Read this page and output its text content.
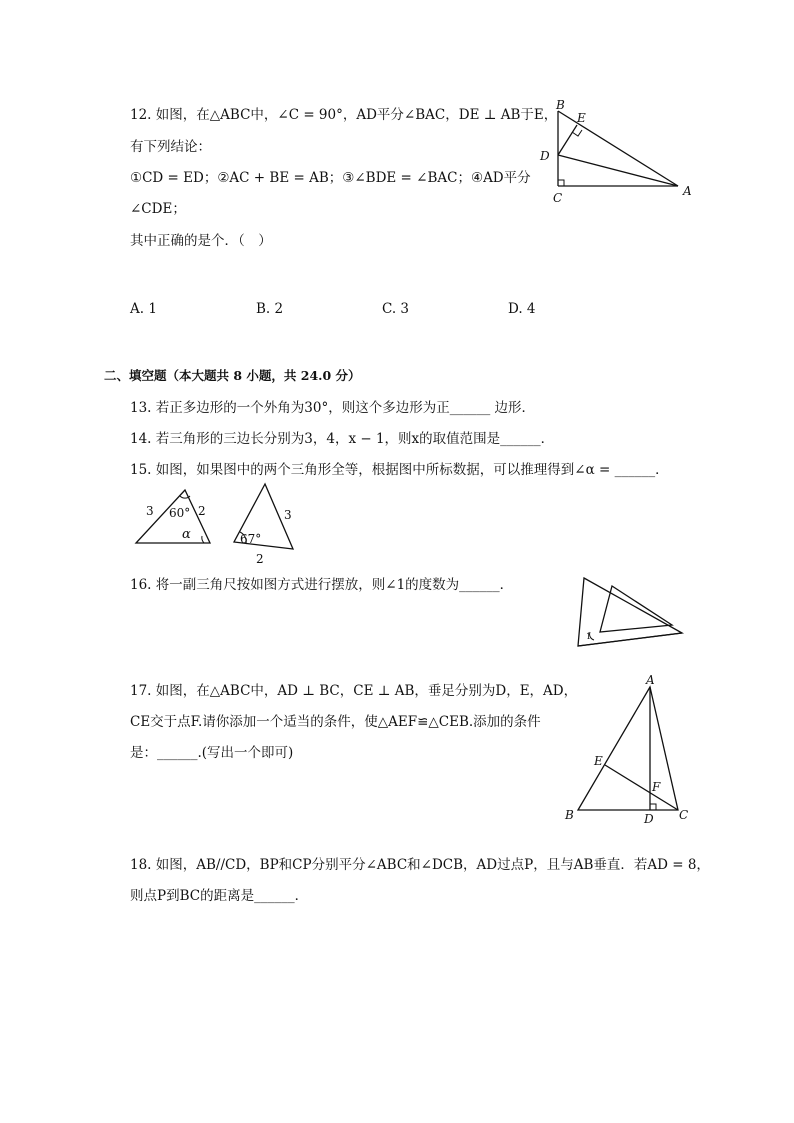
12. 如图，在△ABC中，∠C = 90°，AD平分∠BAC，DE ⊥ AB于E，
有下列结论：
①CD = ED；②AC + BE = AB；③∠BDE = ∠BAC；④AD平分
∠CDE；
其中正确的是个．（　）
A. 1	B. 2	C. 3	D. 4
B
E
D
C	A
二、填空题（本大题共 8 小题，共 24.0 分）
13. 若正多边形的一个外角为30°，则这个多边形为正______ 边形．
14. 若三角形的三边长分别为3，4，x − 1，则x的取值范围是______．
15. 如图，如果图中的两个三角形全等，根据图中所标数据，可以推理得到∠α = ______．
3	2
60°
α
3
2
67°
16. 将一副三角尺按如图方式进行摆放，则∠1的度数为______．
1
17. 如图，在△ABC中，AD ⊥ BC，CE ⊥ AB，垂足分别为D，E，AD，
CE交于点F.请你添加一个适当的条件，使△AEF≌△CEB.添加的条件
是：______.(写出一个即可)
A
E
F
B	D C
18. 如图，AB//CD，BP和CP分别平分∠ABC和∠DCB，AD过点P，且与AB垂直．若AD = 8，
则点P到BC的距离是______．
